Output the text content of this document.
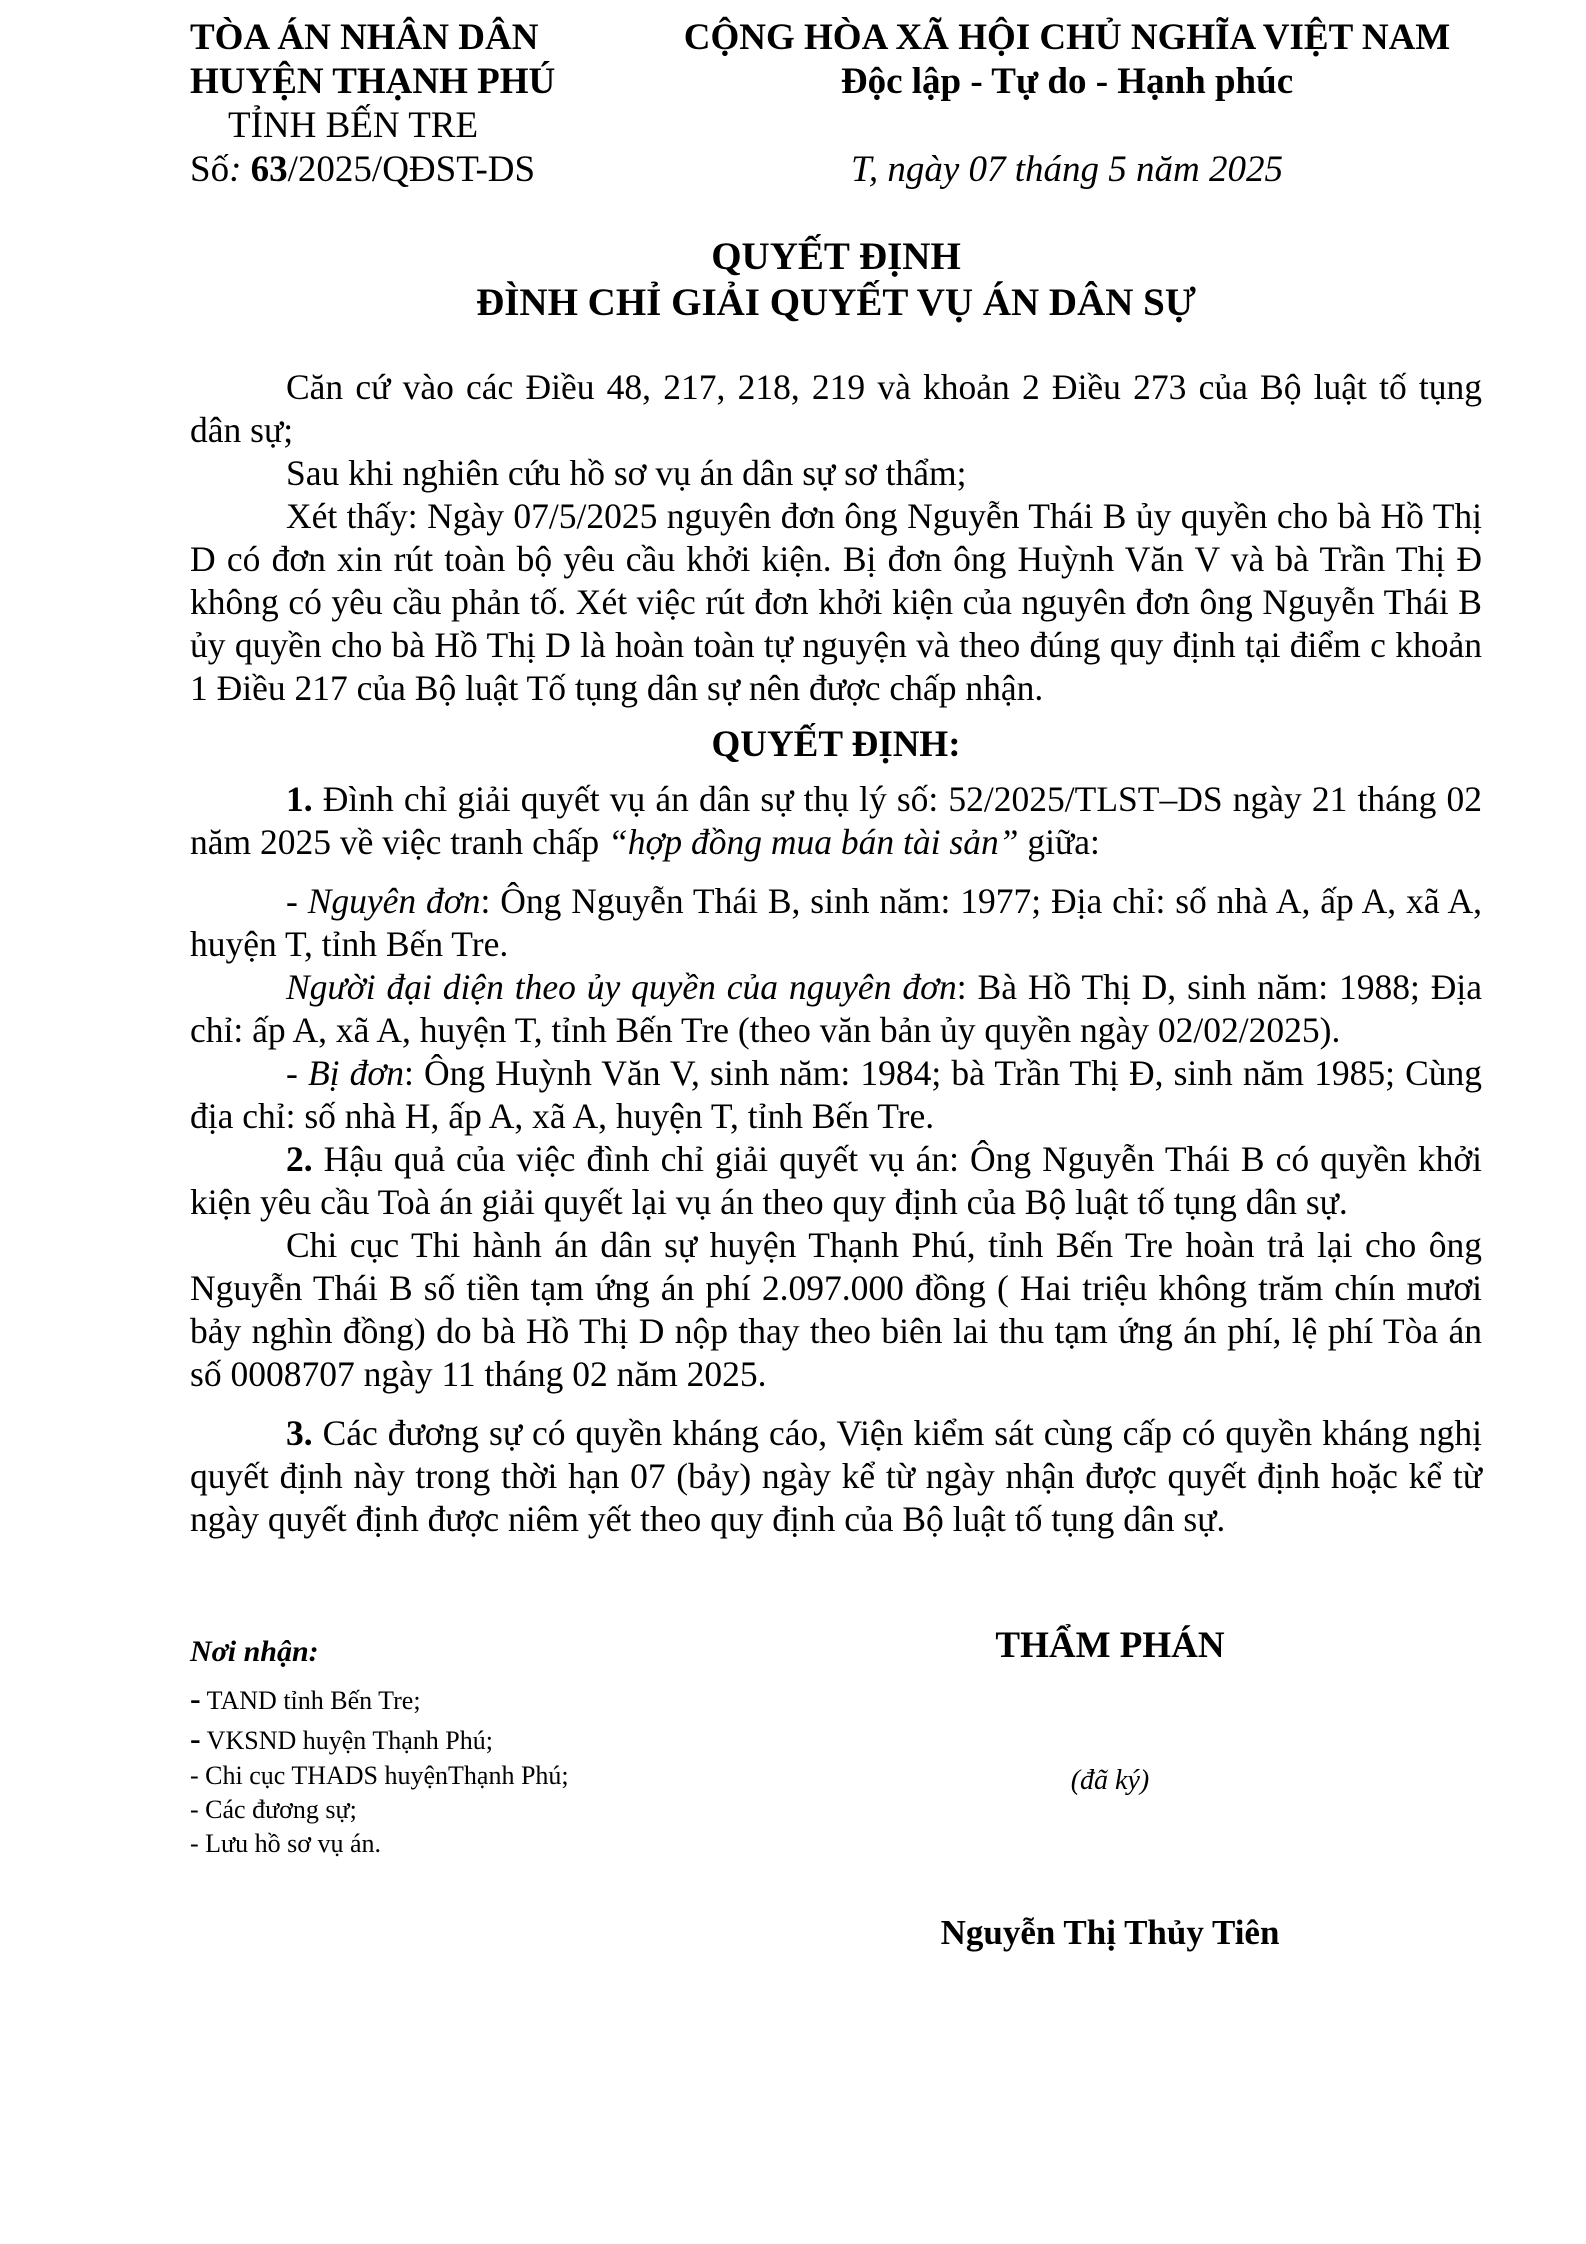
TÒA ÁN NHÂN DÂN
HUYỆN THẠNH PHÚ
TỈNH BẾN TRE
Số: 63/2025/QĐST-DS
CỘNG HÒA XÃ HỘI CHỦ NGHĨA VIỆT NAM
Độc lập - Tự do - Hạnh phúc
T, ngày 07 tháng 5 năm 2025
QUYẾT ĐỊNH
ĐÌNH CHỈ GIẢI QUYẾT VỤ ÁN DÂN SỰ

Căn cứ vào các Điều 48, 217, 218, 219 và khoản 2 Điều 273 của Bộ luật tố tụng dân sự;

Sau khi nghiên cứu hồ sơ vụ án dân sự sơ thẩm;

Xét thấy: Ngày 07/5/2025 nguyên đơn ông Nguyễn Thái B ủy quyền cho bà Hồ Thị D có đơn xin rút toàn bộ yêu cầu khởi kiện. Bị đơn ông Huỳnh Văn V và bà Trần Thị Đ không có yêu cầu phản tố. Xét việc rút đơn khởi kiện của nguyên đơn ông Nguyễn Thái B ủy quyền cho bà Hồ Thị D là hoàn toàn tự nguyện và theo đúng quy định tại điểm c khoản 1 Điều 217 của Bộ luật Tố tụng dân sự nên được chấp nhận.

QUYẾT ĐỊNH:

1. Đình chỉ giải quyết vụ án dân sự thụ lý số: 52/2025/TLST–DS ngày 21 tháng 02 năm 2025 về việc tranh chấp “hợp đồng mua bán tài sản” giữa:

- Nguyên đơn: Ông Nguyễn Thái B, sinh năm: 1977; Địa chỉ: số nhà A, ấp A, xã A, huyện T, tỉnh Bến Tre.

Người đại diện theo ủy quyền của nguyên đơn: Bà Hồ Thị D, sinh năm: 1988; Địa chỉ: ấp A, xã A, huyện T, tỉnh Bến Tre (theo văn bản ủy quyền ngày 02/02/2025).

- Bị đơn: Ông Huỳnh Văn V, sinh năm: 1984; bà Trần Thị Đ, sinh năm 1985; Cùng địa chỉ: số nhà H, ấp A, xã A, huyện T, tỉnh Bến Tre.

2. Hậu quả của việc đình chỉ giải quyết vụ án: Ông Nguyễn Thái B có quyền khởi kiện yêu cầu Toà án giải quyết lại vụ án theo quy định của Bộ luật tố tụng dân sự.

Chi cục Thi hành án dân sự huyện Thạnh Phú, tỉnh Bến Tre hoàn trả lại cho ông Nguyễn Thái B số tiền tạm ứng án phí 2.097.000 đồng ( Hai triệu không trăm chín mươi bảy nghìn đồng) do bà Hồ Thị D nộp thay theo biên lai thu tạm ứng án phí, lệ phí Tòa án số 0008707 ngày 11 tháng 02 năm 2025.

3. Các đương sự có quyền kháng cáo, Viện kiểm sát cùng cấp có quyền kháng nghị quyết định này trong thời hạn 07 (bảy) ngày kể từ ngày nhận được quyết định hoặc kể từ ngày quyết định được niêm yết theo quy định của Bộ luật tố tụng dân sự.

Nơi nhận:
- TAND tỉnh Bến Tre;
- VKSND huyện Thạnh Phú;
- Chi cục THADS huyệnThạnh Phú;
- Các đương sự;
- Lưu hồ sơ vụ án.
THẨM PHÁN
(đã ký)
Nguyễn Thị Thủy Tiên
